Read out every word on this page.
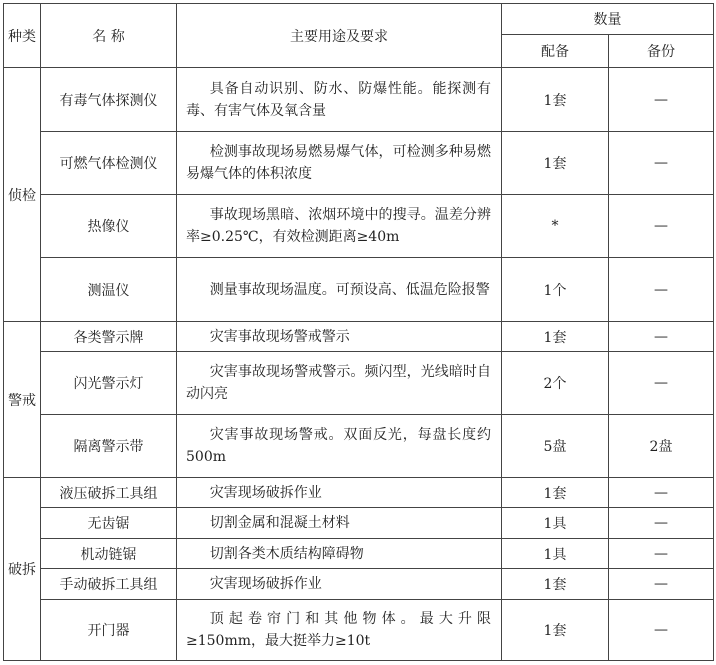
种类	名 称	主要用途及要求	数量	
			配备	备份
侦检	有毒气体探测仪	具备自动识别、防水、防爆性能。能探测有毒、有害气体及氧含量	1套	—
	可燃气体检测仪	检测事故现场易燃易爆气体，可检测多种易燃易爆气体的体积浓度	1套	—
	热像仪	事故现场黑暗、浓烟环境中的搜寻。温差分辨率≥0.25℃，有效检测距离≥40m	*	—
	测温仪	测量事故现场温度。可预设高、低温危险报警	1个	—
警戒	各类警示牌	灾害事故现场警戒警示	1套	—
	闪光警示灯	灾害事故现场警戒警示。频闪型，光线暗时自动闪亮	2个	—
	隔离警示带	灾害事故现场警戒。双面反光，每盘长度约500m	5盘	2盘
破拆	液压破拆工具组	灾害现场破拆作业	1套	—
	无齿锯	切割金属和混凝土材料	1具	—
	机动链锯	切割各类木质结构障碍物	1具	—
	手动破拆工具组	灾害现场破拆作业	1套	—
	开门器	顶起卷帘门和其他物体。最大升限≥150mm，最大挺举力≥10t	1套	—
